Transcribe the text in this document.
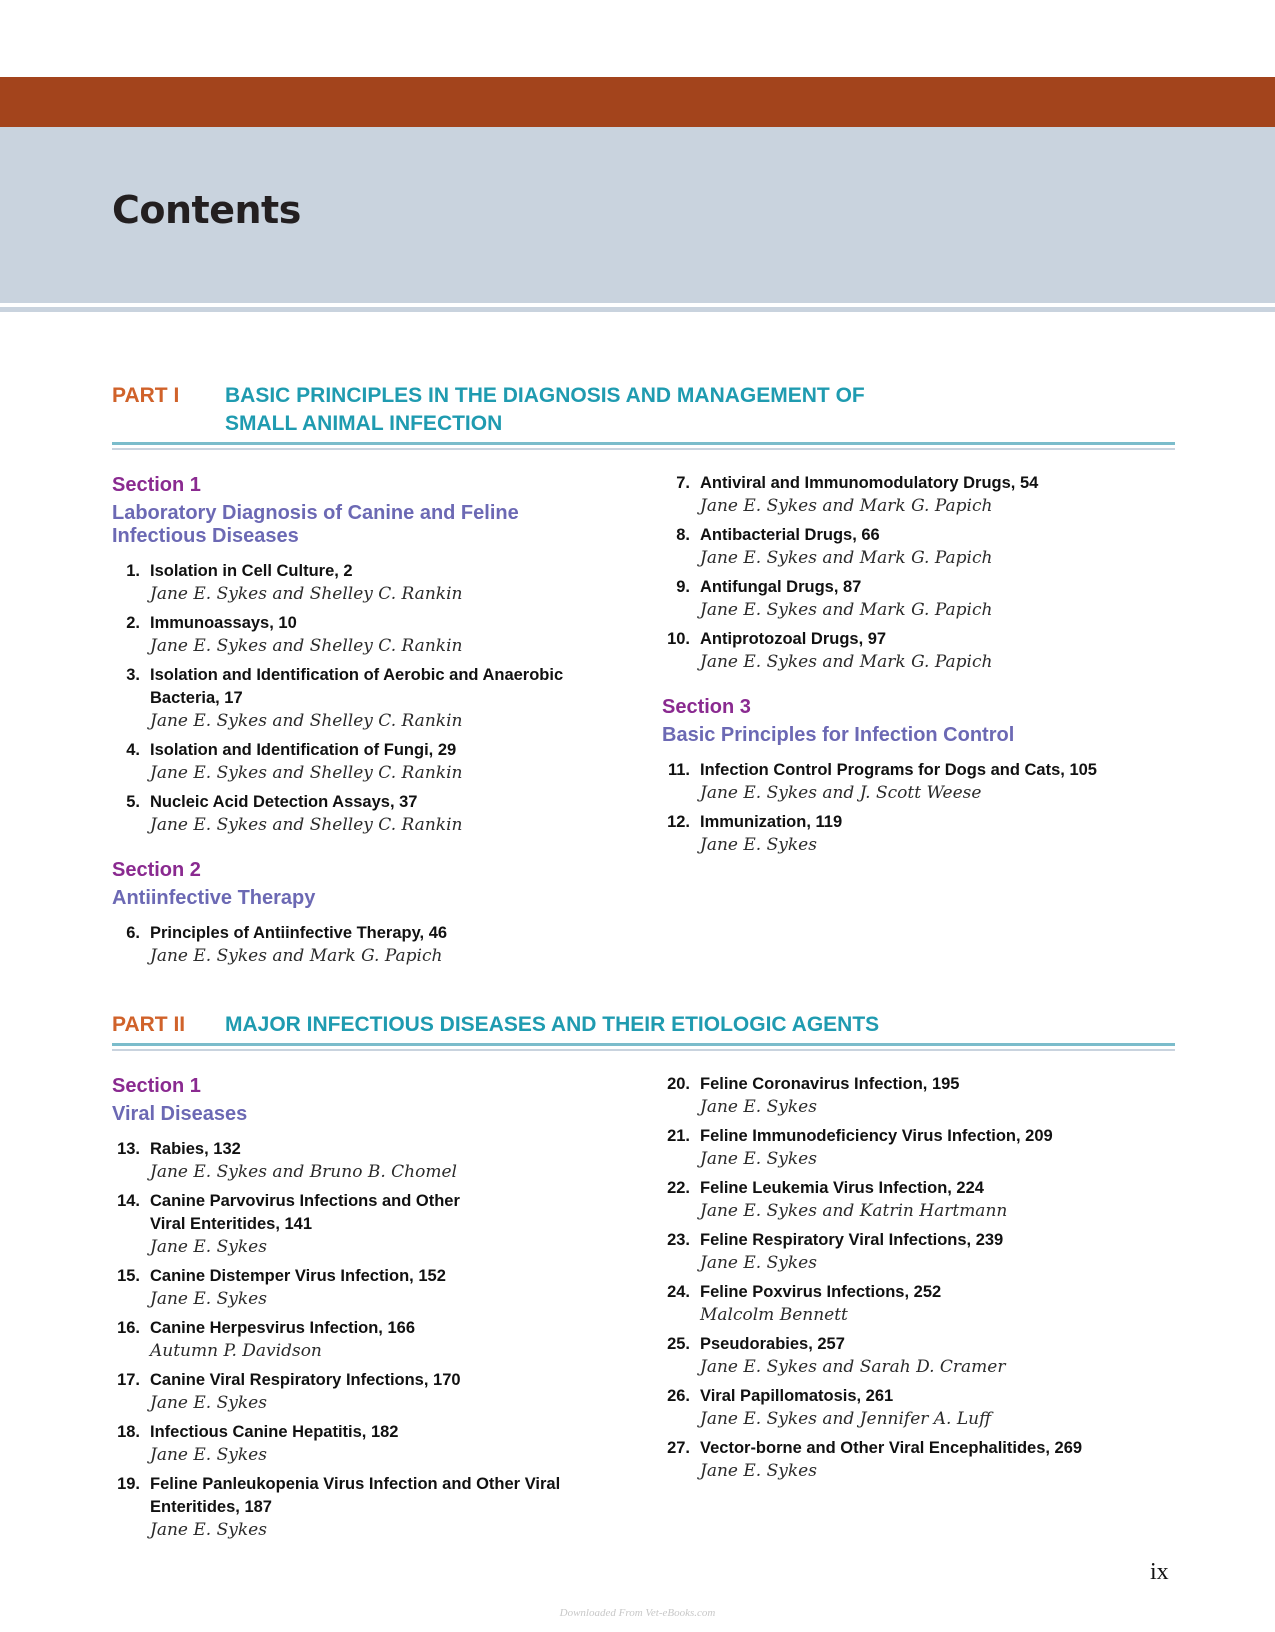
Contents
PART I BASIC PRINCIPLES IN THE DIAGNOSIS AND MANAGEMENT OF SMALL ANIMAL INFECTION
Section 1
Laboratory Diagnosis of Canine and Feline Infectious Diseases
1. Isolation in Cell Culture, 2
Jane E. Sykes and Shelley C. Rankin
2. Immunoassays, 10
Jane E. Sykes and Shelley C. Rankin
3. Isolation and Identification of Aerobic and Anaerobic Bacteria, 17
Jane E. Sykes and Shelley C. Rankin
4. Isolation and Identification of Fungi, 29
Jane E. Sykes and Shelley C. Rankin
5. Nucleic Acid Detection Assays, 37
Jane E. Sykes and Shelley C. Rankin
Section 2
Antiinfective Therapy
6. Principles of Antiinfective Therapy, 46
Jane E. Sykes and Mark G. Papich
7. Antiviral and Immunomodulatory Drugs, 54
Jane E. Sykes and Mark G. Papich
8. Antibacterial Drugs, 66
Jane E. Sykes and Mark G. Papich
9. Antifungal Drugs, 87
Jane E. Sykes and Mark G. Papich
10. Antiprotozoal Drugs, 97
Jane E. Sykes and Mark G. Papich
Section 3
Basic Principles for Infection Control
11. Infection Control Programs for Dogs and Cats, 105
Jane E. Sykes and J. Scott Weese
12. Immunization, 119
Jane E. Sykes
PART II MAJOR INFECTIOUS DISEASES AND THEIR ETIOLOGIC AGENTS
Section 1
Viral Diseases
13. Rabies, 132
Jane E. Sykes and Bruno B. Chomel
14. Canine Parvovirus Infections and Other Viral Enteritides, 141
Jane E. Sykes
15. Canine Distemper Virus Infection, 152
Jane E. Sykes
16. Canine Herpesvirus Infection, 166
Autumn P. Davidson
17. Canine Viral Respiratory Infections, 170
Jane E. Sykes
18. Infectious Canine Hepatitis, 182
Jane E. Sykes
19. Feline Panleukopenia Virus Infection and Other Viral Enteritides, 187
Jane E. Sykes
20. Feline Coronavirus Infection, 195
Jane E. Sykes
21. Feline Immunodeficiency Virus Infection, 209
Jane E. Sykes
22. Feline Leukemia Virus Infection, 224
Jane E. Sykes and Katrin Hartmann
23. Feline Respiratory Viral Infections, 239
Jane E. Sykes
24. Feline Poxvirus Infections, 252
Malcolm Bennett
25. Pseudorabies, 257
Jane E. Sykes and Sarah D. Cramer
26. Viral Papillomatosis, 261
Jane E. Sykes and Jennifer A. Luff
27. Vector-borne and Other Viral Encephalitides, 269
Jane E. Sykes
ix
Downloaded From Vet-eBooks.com
